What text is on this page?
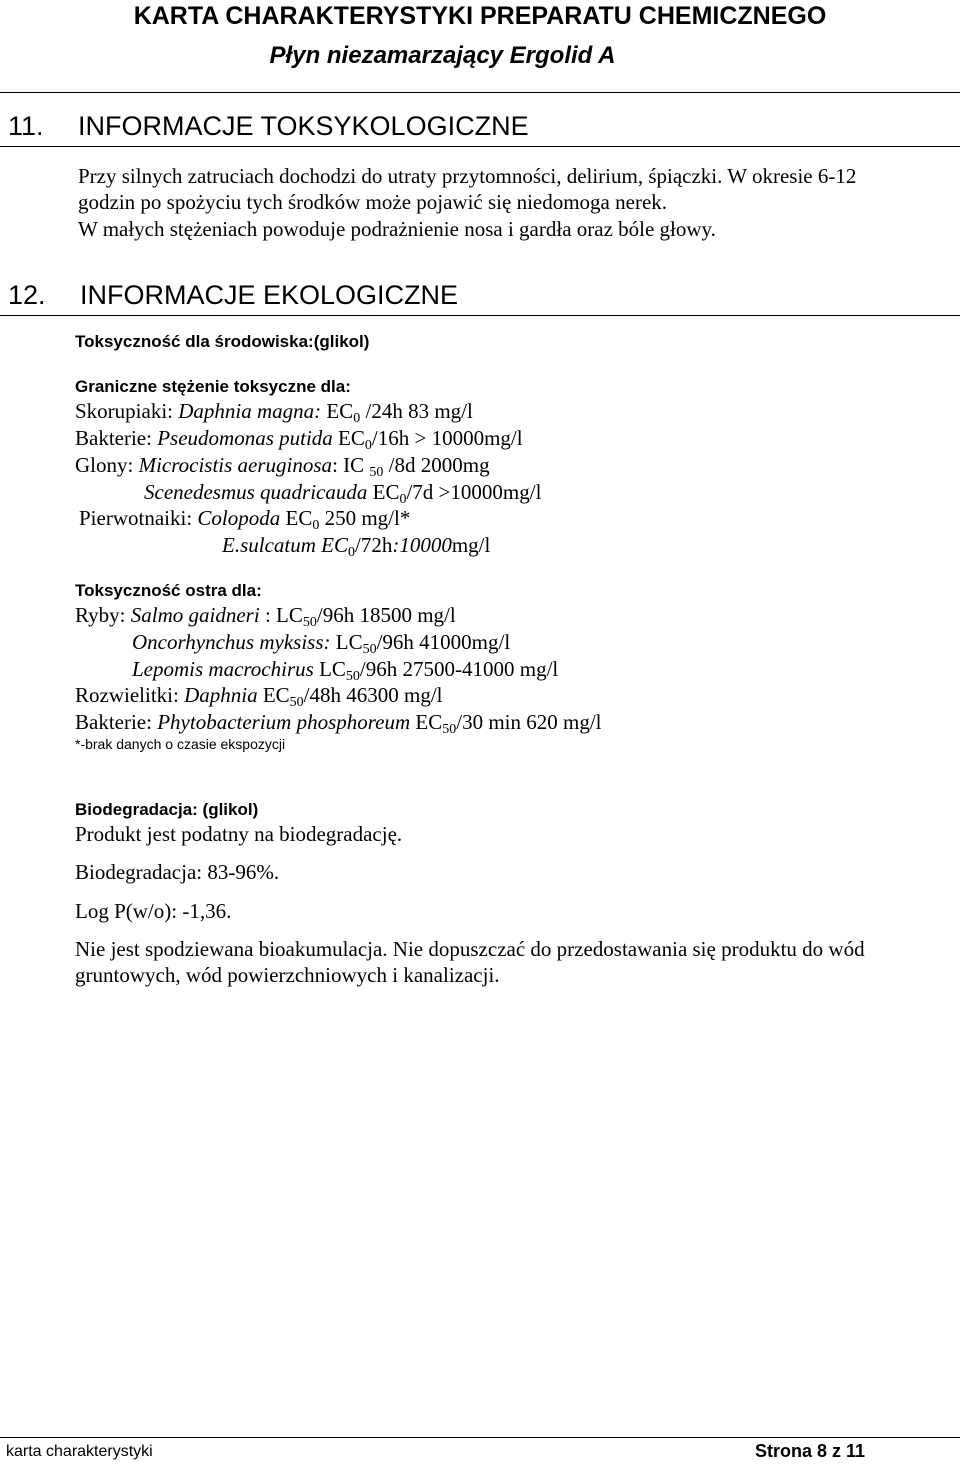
KARTA CHARAKTERYSTYKI PREPARATU CHEMICZNEGO
Płyn niezamarzający Ergolid A
11. INFORMACJE TOKSYKOLOGICZNE
Przy silnych zatruciach dochodzi do utraty przytomności, delirium, śpiączki. W okresie 6-12
godzin po spożyciu tych środków może pojawić się niedomoga nerek.
W małych stężeniach powoduje podrażnienie nosa i gardła oraz bóle głowy.
12. INFORMACJE EKOLOGICZNE
Toksyczność dla środowiska:(glikol)
Graniczne stężenie toksyczne dla:
Skorupiaki: Daphnia magna: $EC_0$ /24h 83 mg/l
Bakterie: Pseudomonas putida $EC_0/16h > 10000mg/l$
Glony: Microcistis aeruginosa: IC $_{50}$ /8d 2000mg
Scenedesmus quadricauda $EC_0/7d >10000mg/l$
Pierwotnaiki: Colopoda $EC_0$ 250 mg/l*
E.sulcatum $EC_0/72h:10000mg/l$
Toksyczność ostra dla:
Ryby: Salmo gaidneri : $LC_{50}/96h$ 18500 mg/l
Oncorhynchus myksiss: $LC_{50}/96h$ 41000mg/l
Lepomis macrochirus $LC_{50}/96h$ 27500-41000 mg/l
Rozwielitki: Daphnia $EC_{50}/48h$ 46300 mg/l
Bakterie: Phytobacterium phosphoreum $EC_{50}/30$ min 620 mg/l
*-brak danych o czasie ekspozycji
Biodegradacja: (glikol)
Produkt jest podatny na biodegradację.
Biodegradacja: 83-96%.
Log P(w/o): -1,36.
Nie jest spodziewana bioakumulacja. Nie dopuszczać do przedostawania się produktu do wód
gruntowych, wód powierzchniowych i kanalizacji.
karta charakterystyki	Strona 8 z 11
